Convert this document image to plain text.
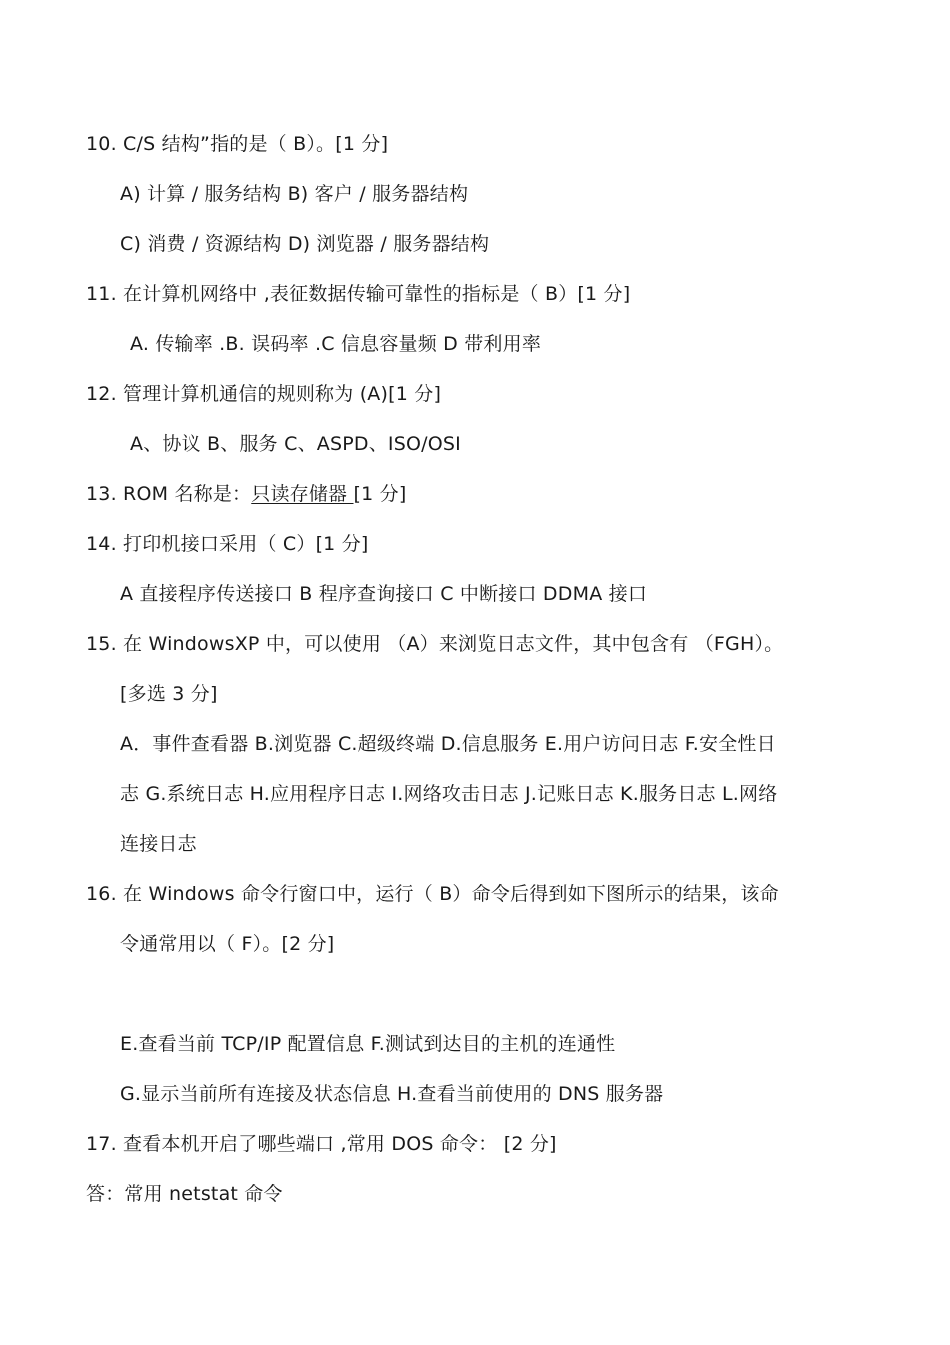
10. C/S 结构”指的是（ B）。[1 分]
A) 计算 / 服务结构 B) 客户 / 服务器结构
C) 消费 / 资源结构 D) 浏览器 / 服务器结构
11. 在计算机网络中 ,表征数据传输可靠性的指标是（ B）[1 分]
A. 传输率 .B. 误码率 .C 信息容量频 D 带利用率
12. 管理计算机通信的规则称为 (A)[1 分]
A、协议 B、服务 C、ASPD、ISO/OSI
13. ROM 名称是：只读存储器 [1 分]
14. 打印机接口采用（ C）[1 分]
A 直接程序传送接口 B 程序查询接口 C 中断接口 DDMA 接口
15. 在 WindowsXP 中，可以使用 （A）来浏览日志文件，其中包含有 （FGH）。
[多选 3 分]
A．事件查看器 B.浏览器 C.超级终端 D.信息服务 E.用户访问日志 F.安全性日
志 G.系统日志 H.应用程序日志 I.网络攻击日志 J.记账日志 K.服务日志 L.网络
连接日志
16. 在 Windows 命令行窗口中，运行（ B）命令后得到如下图所示的结果，该命
令通常用以（ F）。[2 分]
E.查看当前 TCP/IP 配置信息 F.测试到达目的主机的连通性
G.显示当前所有连接及状态信息 H.查看当前使用的 DNS 服务器
17. 查看本机开启了哪些端口 ,常用 DOS 命令： [2 分]
答：常用 netstat 命令
